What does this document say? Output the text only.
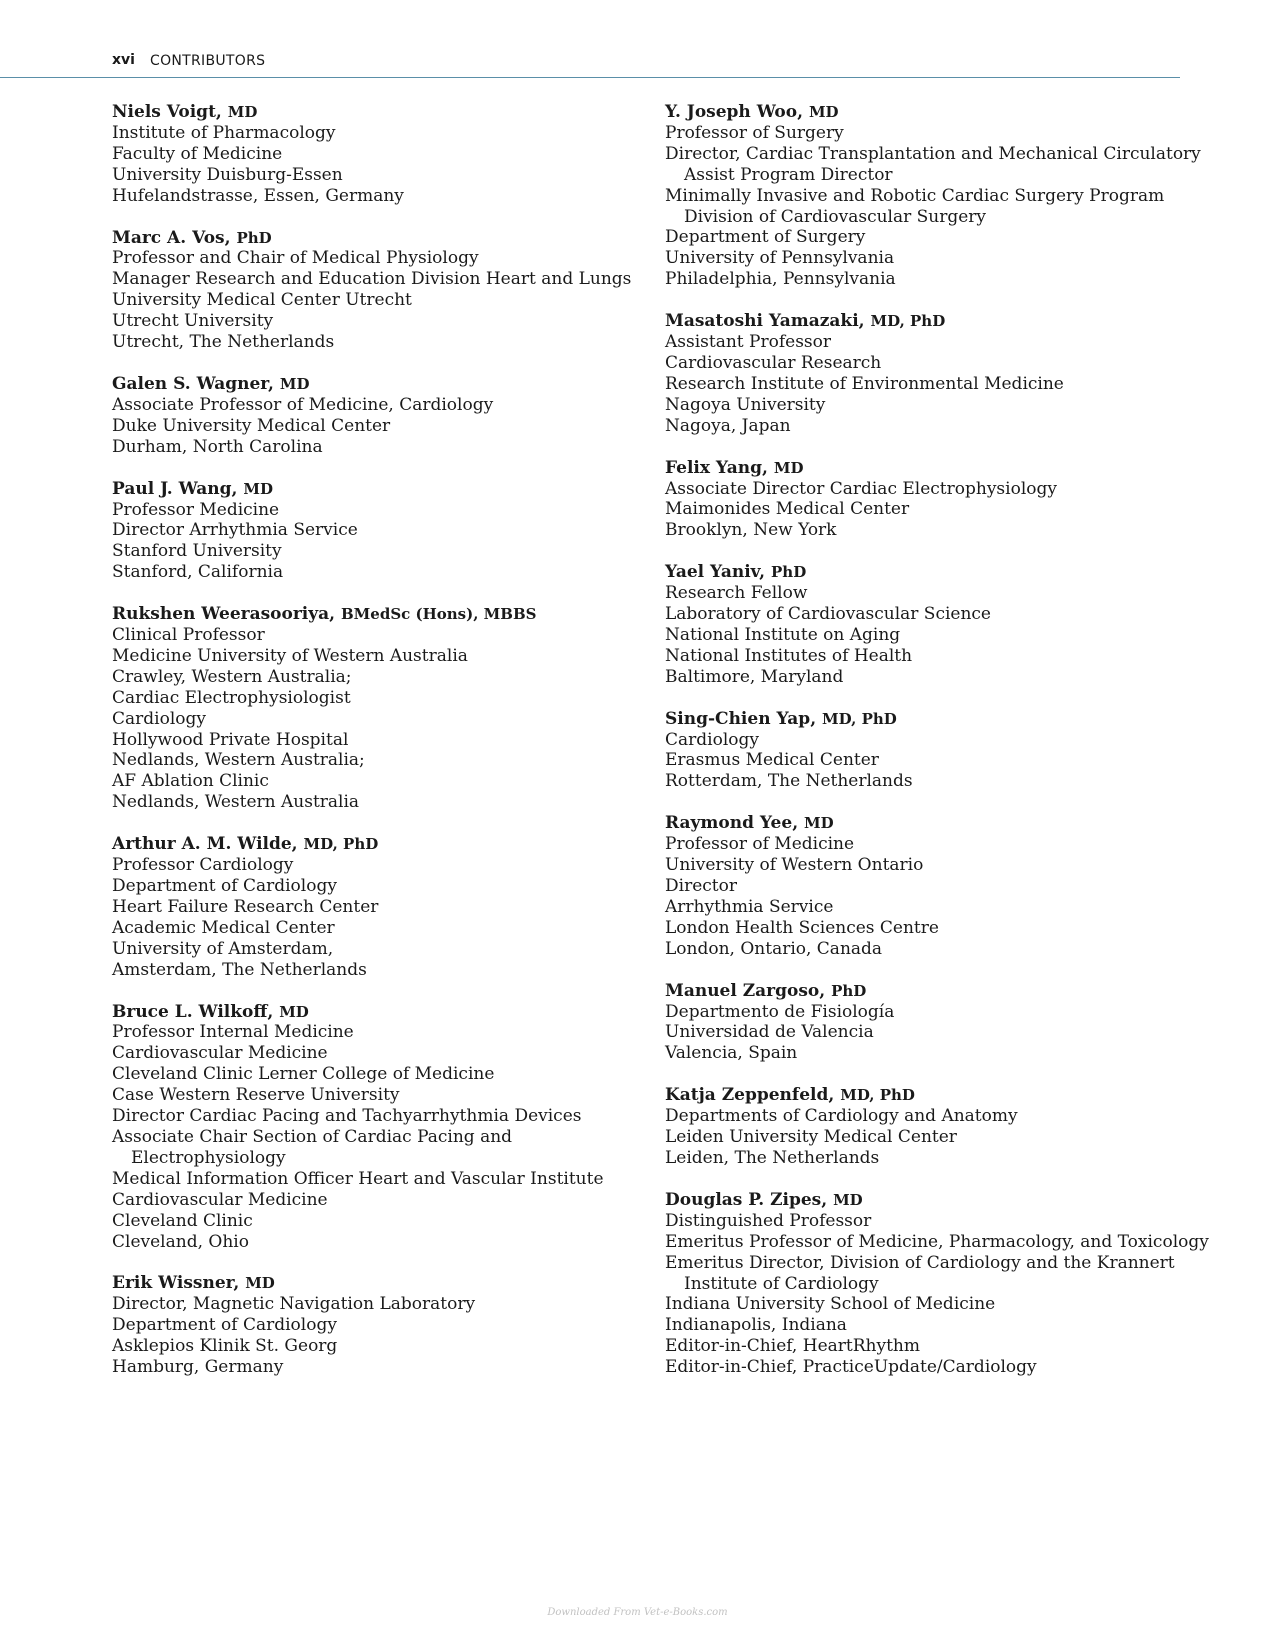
xvi CONTRIBUTORS
Niels Voigt, MD
Institute of Pharmacology
Faculty of Medicine
University Duisburg-Essen
Hufelandstrasse, Essen, Germany
Marc A. Vos, PhD
Professor and Chair of Medical Physiology
Manager Research and Education Division Heart and Lungs
University Medical Center Utrecht
Utrecht University
Utrecht, The Netherlands
Galen S. Wagner, MD
Associate Professor of Medicine, Cardiology
Duke University Medical Center
Durham, North Carolina
Paul J. Wang, MD
Professor Medicine
Director Arrhythmia Service
Stanford University
Stanford, California
Rukshen Weerasooriya, BMedSc (Hons), MBBS
Clinical Professor
Medicine University of Western Australia
Crawley, Western Australia;
Cardiac Electrophysiologist
Cardiology
Hollywood Private Hospital
Nedlands, Western Australia;
AF Ablation Clinic
Nedlands, Western Australia
Arthur A. M. Wilde, MD, PhD
Professor Cardiology
Department of Cardiology
Heart Failure Research Center
Academic Medical Center
University of Amsterdam,
Amsterdam, The Netherlands
Bruce L. Wilkoff, MD
Professor Internal Medicine
Cardiovascular Medicine
Cleveland Clinic Lerner College of Medicine
Case Western Reserve University
Director Cardiac Pacing and Tachyarrhythmia Devices
Associate Chair Section of Cardiac Pacing and
Electrophysiology
Medical Information Officer Heart and Vascular Institute
Cardiovascular Medicine
Cleveland Clinic
Cleveland, Ohio
Erik Wissner, MD
Director, Magnetic Navigation Laboratory
Department of Cardiology
Asklepios Klinik St. Georg
Hamburg, Germany
Y. Joseph Woo, MD
Professor of Surgery
Director, Cardiac Transplantation and Mechanical Circulatory
Assist Program Director
Minimally Invasive and Robotic Cardiac Surgery Program
Division of Cardiovascular Surgery
Department of Surgery
University of Pennsylvania
Philadelphia, Pennsylvania
Masatoshi Yamazaki, MD, PhD
Assistant Professor
Cardiovascular Research
Research Institute of Environmental Medicine
Nagoya University
Nagoya, Japan
Felix Yang, MD
Associate Director Cardiac Electrophysiology
Maimonides Medical Center
Brooklyn, New York
Yael Yaniv, PhD
Research Fellow
Laboratory of Cardiovascular Science
National Institute on Aging
National Institutes of Health
Baltimore, Maryland
Sing-Chien Yap, MD, PhD
Cardiology
Erasmus Medical Center
Rotterdam, The Netherlands
Raymond Yee, MD
Professor of Medicine
University of Western Ontario
Director
Arrhythmia Service
London Health Sciences Centre
London, Ontario, Canada
Manuel Zargoso, PhD
Departmento de Fisiología
Universidad de Valencia
Valencia, Spain
Katja Zeppenfeld, MD, PhD
Departments of Cardiology and Anatomy
Leiden University Medical Center
Leiden, The Netherlands
Douglas P. Zipes, MD
Distinguished Professor
Emeritus Professor of Medicine, Pharmacology, and Toxicology
Emeritus Director, Division of Cardiology and the Krannert
Institute of Cardiology
Indiana University School of Medicine
Indianapolis, Indiana
Editor-in-Chief, HeartRhythm
Editor-in-Chief, PracticeUpdate/Cardiology
Downloaded From Vet-e-Books.com
